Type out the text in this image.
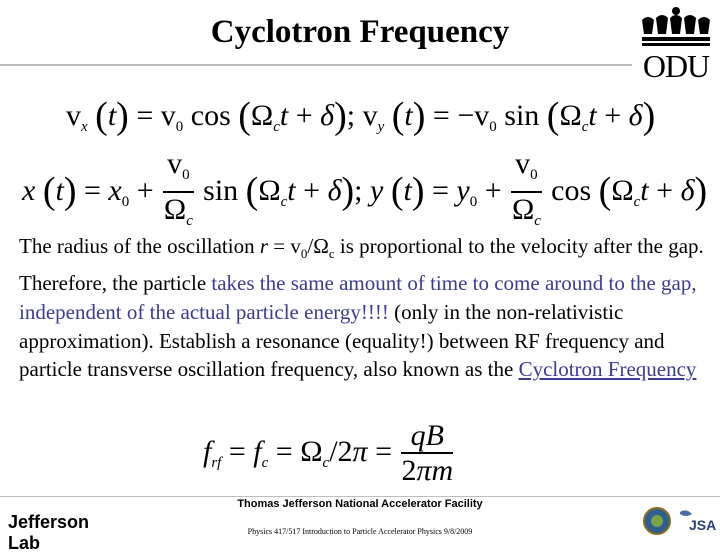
Cyclotron Frequency
ODU
$v_x$ $(t) = v_0$ $\cos (\Omega_ct + \delta)$; $v_y$ $(t) = -v_0$ $\sin (\Omega_ct + \delta)$
x $(t) = x_0 + \frac{v_0}{\Omega_c}$ $\sin (\Omega_ct + \delta)$; y $(t) = y_0 + \frac{v_0}{\Omega_c}$ $\cos (\Omega_ct + \delta)$
The radius of the oscillation $r = v_0/\Omega_c$ is proportional to the velocity after the gap. Therefore, the particle takes the same amount of time to come around to the gap, independent of the actual particle energy!!!! (only in the non-relativistic approximation). Establish a resonance (equality!) between RF frequency and particle transverse oscillation frequency, also known as the Cyclotron Frequency
$f_{rf} = f_c = \Omega_c/2\pi = \frac{qB}{2\pi m}$
Thomas Jefferson National Accelerator Facility
Physics 417/517 Introduction to Particle Accelerator Physics 9/8/2009
Jefferson Lab
JSA
